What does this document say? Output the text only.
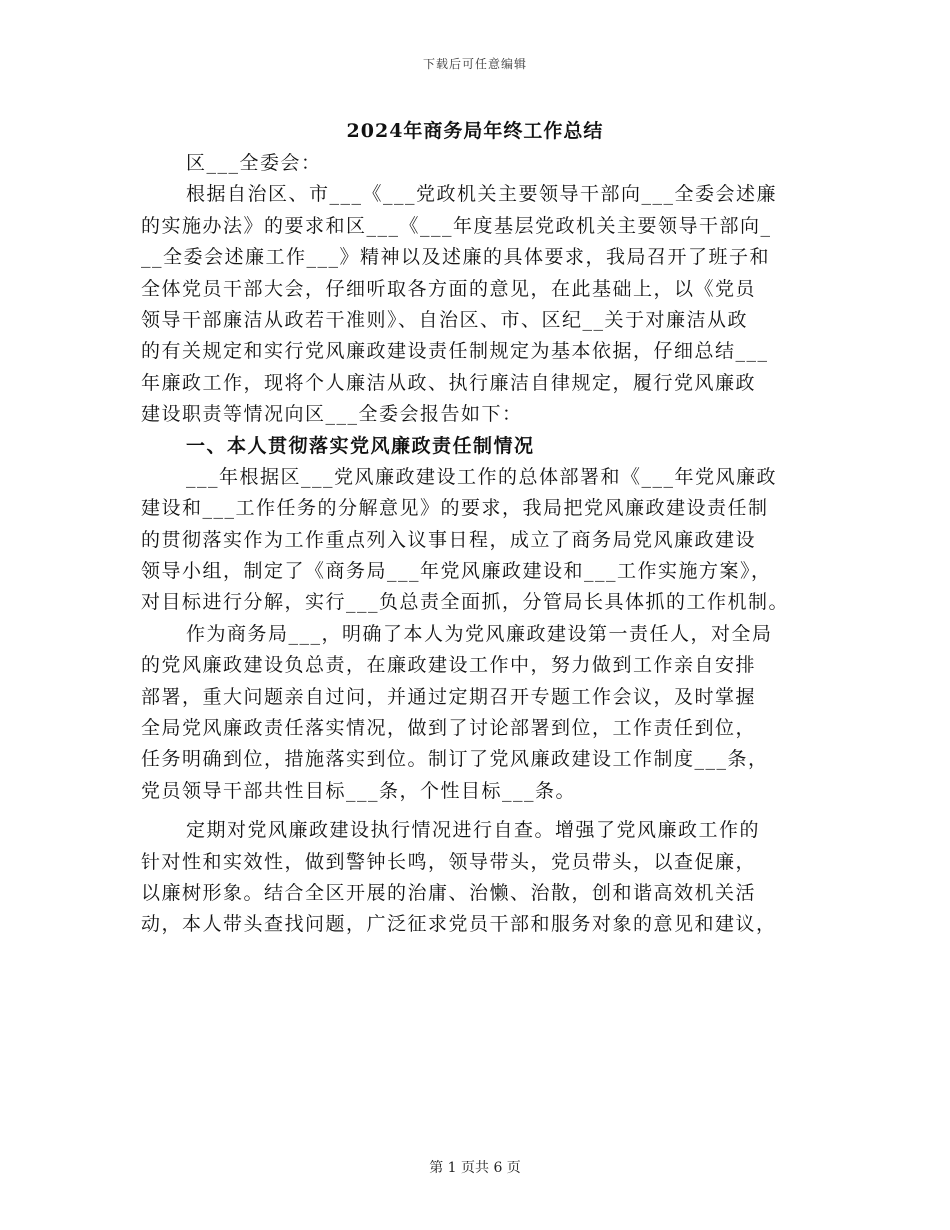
下载后可任意编辑
2024年商务局年终工作总结
区___全委会：
根据自治区、市___《___党政机关主要领导干部向___全委会述廉
的实施办法》的要求和区___《___年度基层党政机关主要领导干部向_
__全委会述廉工作___》精神以及述廉的具体要求，我局召开了班子和
全体党员干部大会，仔细听取各方面的意见，在此基础上，以《党员
领导干部廉洁从政若干准则》、自治区、市、区纪__关于对廉洁从政
的有关规定和实行党风廉政建设责任制规定为基本依据，仔细总结___
年廉政工作，现将个人廉洁从政、执行廉洁自律规定，履行党风廉政
建设职责等情况向区___全委会报告如下：
一、本人贯彻落实党风廉政责任制情况
___年根据区___党风廉政建设工作的总体部署和《___年党风廉政
建设和___工作任务的分解意见》的要求，我局把党风廉政建设责任制
的贯彻落实作为工作重点列入议事日程，成立了商务局党风廉政建设
领导小组，制定了《商务局___年党风廉政建设和___工作实施方案》，
对目标进行分解，实行___负总责全面抓，分管局长具体抓的工作机制。
作为商务局___，明确了本人为党风廉政建设第一责任人，对全局
的党风廉政建设负总责，在廉政建设工作中，努力做到工作亲自安排
部署，重大问题亲自过问，并通过定期召开专题工作会议，及时掌握
全局党风廉政责任落实情况，做到了讨论部署到位，工作责任到位，
任务明确到位，措施落实到位。制订了党风廉政建设工作制度___条，
党员领导干部共性目标___条，个性目标___条。
定期对党风廉政建设执行情况进行自查。增强了党风廉政工作的
针对性和实效性，做到警钟长鸣，领导带头，党员带头，以查促廉，
以廉树形象。结合全区开展的治庸、治懒、治散，创和谐高效机关活
动，本人带头查找问题，广泛征求党员干部和服务对象的意见和建议，
第 1 页共 6 页
